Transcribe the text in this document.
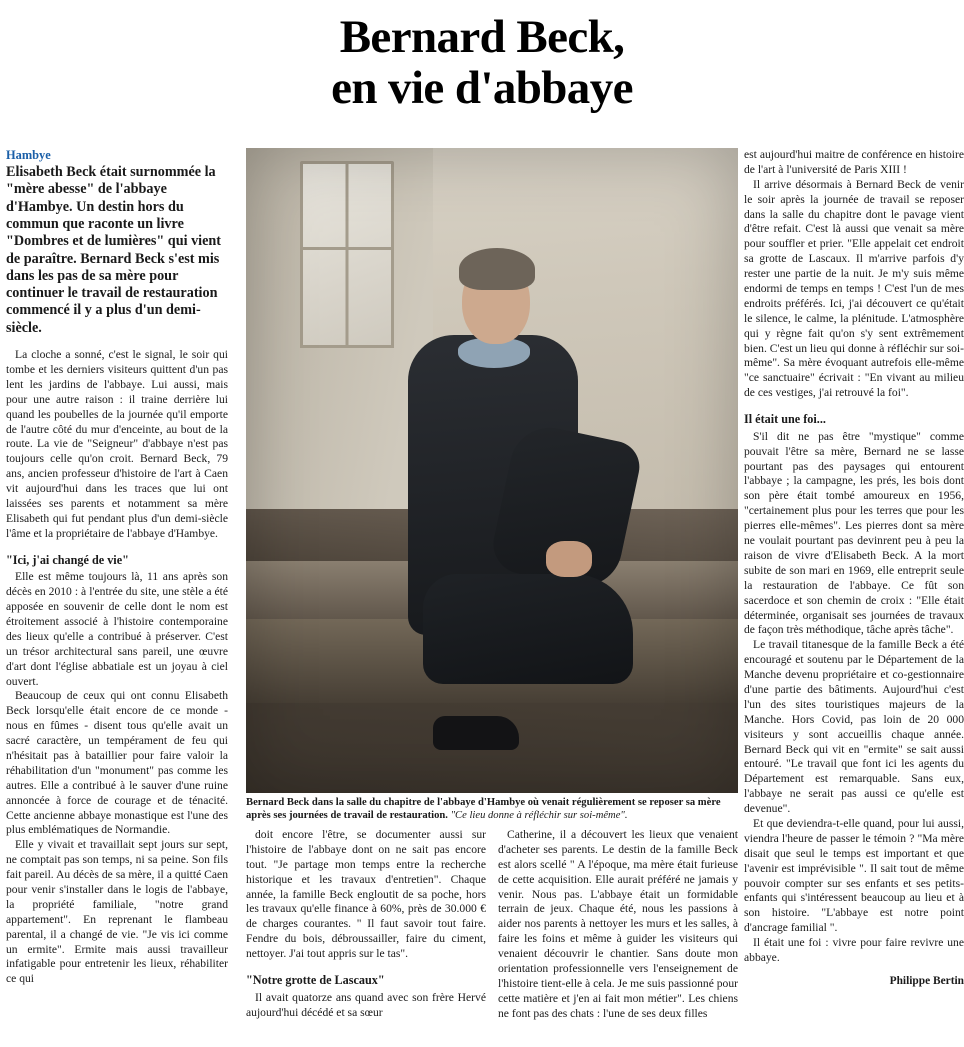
Bernard Beck,
en vie d'abbaye
Hambye
Elisabeth Beck était surnommée la "mère abesse" de l'abbaye d'Hambye. Un destin hors du commun que raconte un livre "Dombres et de lumières" qui vient de paraître. Bernard Beck s'est mis dans les pas de sa mère pour continuer le travail de restauration commencé il y a plus d'un demi-siècle.

La cloche a sonné, c'est le signal, le soir qui tombe et les derniers visiteurs quittent d'un pas lent les jardins de l'abbaye. Lui aussi, mais pour une autre raison : il traine derrière lui quand les poubelles de la journée qu'il emporte de l'autre côté du mur d'enceinte, au bout de la route. La vie de "Seigneur" d'abbaye n'est pas toujours celle qu'on croit. Bernard Beck, 79 ans, ancien professeur d'histoire de l'art à Caen vit aujourd'hui dans les traces que lui ont laissées ses parents et notamment sa mère Elisabeth qui fut pendant plus d'un demi-siècle l'âme et la propriétaire de l'abbaye d'Hambye.

"Ici, j'ai changé de vie"

Elle est même toujours là, 11 ans après son décès en 2010 : à l'entrée du site, une stèle a été apposée en souvenir de celle dont le nom est étroitement associé à l'histoire contemporaine des lieux qu'elle a contribué à préserver. C'est un trésor architectural sans pareil, une œuvre d'art dont l'église abbatiale est un joyau à ciel ouvert.

Beaucoup de ceux qui ont connu Elisabeth Beck lorsqu'elle était encore de ce monde - nous en fûmes - disent tous qu'elle avait un sacré caractère, un tempérament de feu qui n'hésitait pas à bataillier pour faire valoir la réhabilitation d'un "monument" pas comme les autres. Elle a contribué à le sauver d'une ruine annoncée à force de courage et de ténacité. Cette ancienne abbaye monastique est l'une des plus emblématiques de Normandie.

Elle y vivait et travaillait sept jours sur sept, ne comptait pas son temps, ni sa peine. Son fils fait pareil. Au décès de sa mère, il a quitté Caen pour venir s'installer dans le logis de l'abbaye, la propriété familiale, "notre grand appartement". En reprenant le flambeau parental, il a changé de vie. "Je vis ici comme un ermite". Ermite mais aussi travailleur infatigable pour entretenir les lieux, réhabiliter ce qui

Bernard Beck dans la salle du chapitre de l'abbaye d'Hambye où venait régulièrement se reposer sa mère après ses journées de travail de restauration. "Ce lieu donne à réfléchir sur soi-même".

doit encore l'être, se documenter aussi sur l'histoire de l'abbaye dont on ne sait pas encore tout. "Je partage mon temps entre la recherche historique et les travaux d'entretien". Chaque année, la famille Beck engloutit de sa poche, hors les travaux qu'elle finance à 60%, près de 30.000 € de charges courantes. " Il faut savoir tout faire. Fendre du bois, débroussailler, faire du ciment, nettoyer. J'ai tout appris sur le tas".

"Notre grotte de Lascaux"

Il avait quatorze ans quand avec son frère Hervé aujourd'hui décédé et sa sœur

Catherine, il a découvert les lieux que venaient d'acheter ses parents. Le destin de la famille Beck est alors scellé " A l'époque, ma mère était furieuse de cette acquisition. Elle aurait préféré ne jamais y venir. Nous pas. L'abbaye était un formidable terrain de jeux. Chaque été, nous les passions à aider nos parents à nettoyer les murs et les salles, à faire les foins et même à guider les visiteurs qui venaient découvrir le chantier. Sans doute mon orientation professionnelle vers l'enseignement de l'histoire tient-elle à cela. Je me suis passionné pour cette matière et j'en ai fait mon métier". Les chiens ne font pas des chats : l'une de ses deux filles

est aujourd'hui maitre de conférence en histoire de l'art à l'université de Paris XIII !

Il arrive désormais à Bernard Beck de venir le soir après la journée de travail se reposer dans la salle du chapitre dont le pavage vient d'être refait. C'est là aussi que venait sa mère pour souffler et prier. "Elle appelait cet endroit sa grotte de Lascaux. Il m'arrive parfois d'y rester une partie de la nuit. Je m'y suis même endormi de temps en temps ! C'est l'un de mes endroits préférés. Ici, j'ai découvert ce qu'était le silence, le calme, la plénitude. L'atmosphère qui y règne fait qu'on s'y sent extrêmement bien. C'est un lieu qui donne à réfléchir sur soi-même". Sa mère évoquant autrefois elle-même "ce sanctuaire" écrivait : "En vivant au milieu de ces vestiges, j'ai retrouvé la foi".

Il était une foi...

S'il dit ne pas être "mystique" comme pouvait l'être sa mère, Bernard ne se lasse pourtant pas des paysages qui entourent l'abbaye ; la campagne, les prés, les bois dont son père était tombé amoureux en 1956, "certainement plus pour les terres que pour les pierres elle-mêmes". Les pierres dont sa mère ne voulait pourtant pas devinrent peu à peu la raison de vivre d'Elisabeth Beck. A la mort subite de son mari en 1969, elle entreprit seule la restauration de l'abbaye. Ce fût son sacerdoce et son chemin de croix : "Elle était déterminée, organisait ses journées de travaux de façon très méthodique, tâche après tâche".

Le travail titanesque de la famille Beck a été encouragé et soutenu par le Département de la Manche devenu propriétaire et co-gestionnaire d'une partie des bâtiments. Aujourd'hui c'est l'un des sites touristiques majeurs de la Manche. Hors Covid, pas loin de 20 000 visiteurs y sont accueillis chaque année. Bernard Beck qui vit en "ermite" se sait aussi entouré. "Le travail que font ici les agents du Département est remarquable. Sans eux, l'abbaye ne serait pas aussi ce qu'elle est devenue".

Et que deviendra-t-elle quand, pour lui aussi, viendra l'heure de passer le témoin ? "Ma mère disait que seul le temps est important et que l'avenir est imprévisible ". Il sait tout de même pouvoir compter sur ses enfants et ses petits-enfants qui s'intéressent beaucoup au lieu et à son histoire. "L'abbaye est notre point d'ancrage familial ".

Il était une foi : vivre pour faire revivre une abbaye.

Philippe Bertin
